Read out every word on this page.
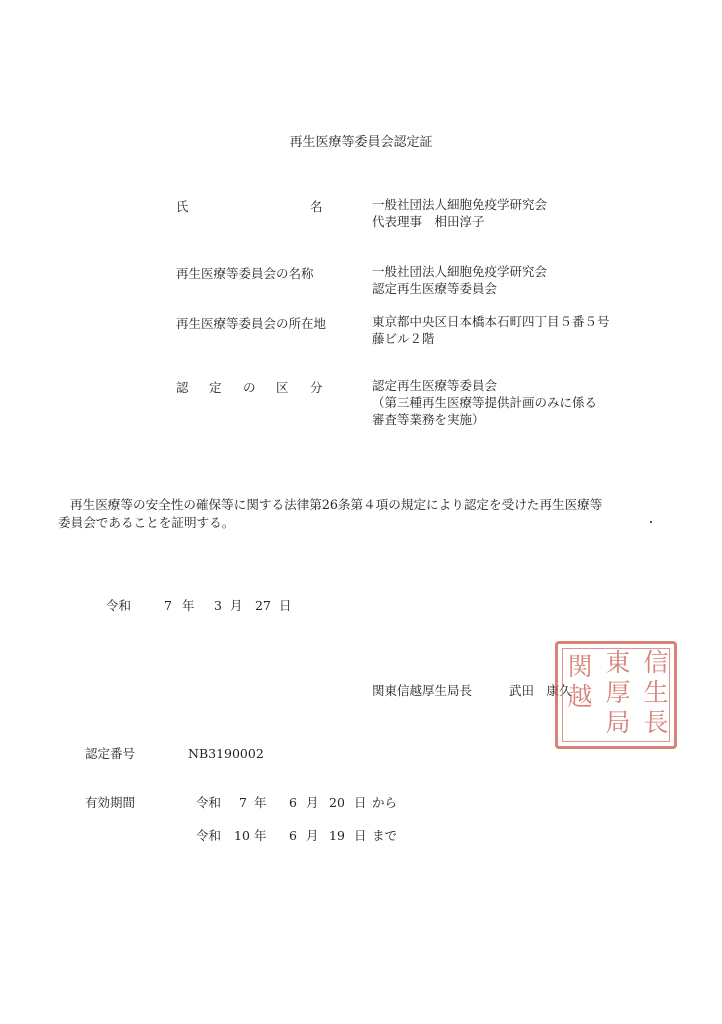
再生医療等委員会認定証
氏	名	一般社団法人細胞免疫学研究会
代表理事　相田淳子
再生医療等委員会の名称	一般社団法人細胞免疫学研究会
認定再生医療等委員会
再生医療等委員会の所在地	東京都中央区日本橋本石町四丁目５番５号
藤ビル２階
認 定 の 区 分	認定再生医療等委員会
（第三種再生医療等提供計画のみに係る
審査等業務を実施）
再生医療等の安全性の確保等に関する法律第26条第４項の規定により認定を受けた再生医療等
委員会であることを証明する。
令和	7 年 3 月 27 日
関東信越厚生局長	武田　康久
関
越
東
厚
局
信
生
長
認定番号	NB3190002
有効期間	令和 7 年 6 月 20 日 から
令和 10 年 6 月 19 日 まで
